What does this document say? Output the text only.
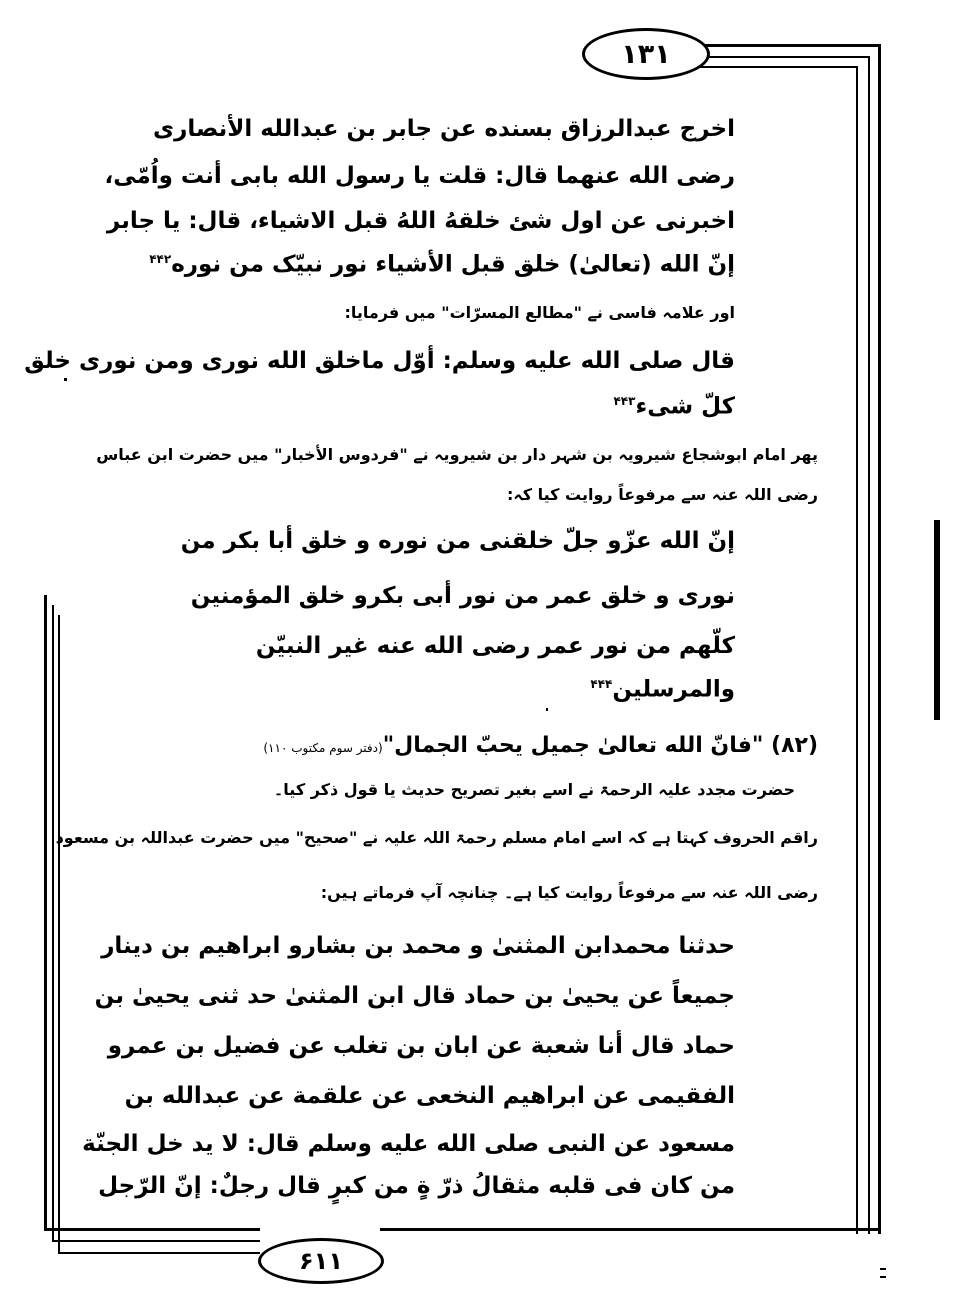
۱۳۱
۶۱۱
اخرج عبدالرزاق بسنده عن جابر بن عبدالله الأنصاری
رضی الله عنهما قال: قلت یا رسول الله بابی أنت واُمّی،
اخبرنی عن اول شئ خلقهُ اللهُ قبل الاشیاء، قال: یا جابر
إنّ الله (تعالیٰ) خلق قبل الأشیاء نور نبیّک من نوره$^{۴۴۲}$
اور علامہ فاسی نے "مطالع المسرّات" میں فرمایا:
قال صلی الله علیه وسلم: أوّل ماخلق الله نوری ومن نوری خلق
کلّ شیء$^{۴۴۳}$
پھر امام ابوشجاع شیرویہ بن شہر دار بن شیرویہ نے "فردوس الأخبار" میں حضرت ابن عباس
رضی اللہ عنہ سے مرفوعاً روایت کیا کہ:
إنّ الله عزّو جلّ خلقنی من نوره و خلق أبا بکر من
نوری و خلق عمر من نور أبی بکرو خلق المؤمنین
کلّهم من نور عمر رضی الله عنه غیر النبیّن
والمرسلین$^{۴۴۴}$
(۸۲) "فانّ الله تعالیٰ جمیل یحبّ الجمال"(دفتر سوم مکتوب ۱۱۰)
حضرت مجدد علیہ الرحمۃ نے اسے بغیر تصریح حدیث یا قول ذکر کیا۔
راقم الحروف کہتا ہے کہ اسے امام مسلم رحمۃ اللہ علیہ نے "صحیح" میں حضرت عبداللہ بن مسعود
رضی اللہ عنہ سے مرفوعاً روایت کیا ہے۔ چنانچہ آپ فرماتے ہیں:
حدثنا محمدابن المثنیٰ و محمد بن بشارو ابراهیم بن دینار
جمیعاً عن یحییٰ بن حماد قال ابن المثنیٰ حد ثنی یحییٰ بن
حماد قال أنا شعبة عن ابان بن تغلب عن فضیل بن عمرو
الفقیمی عن ابراهیم النخعی عن علقمة عن عبدالله بن
مسعود عن النبی صلی الله علیه وسلم قال: لا ید خل الجنّة
من کان فی قلبه مثقالُ ذرّ ةٍ من کبرٍ قال رجلٌ: إنّ الرّجل
